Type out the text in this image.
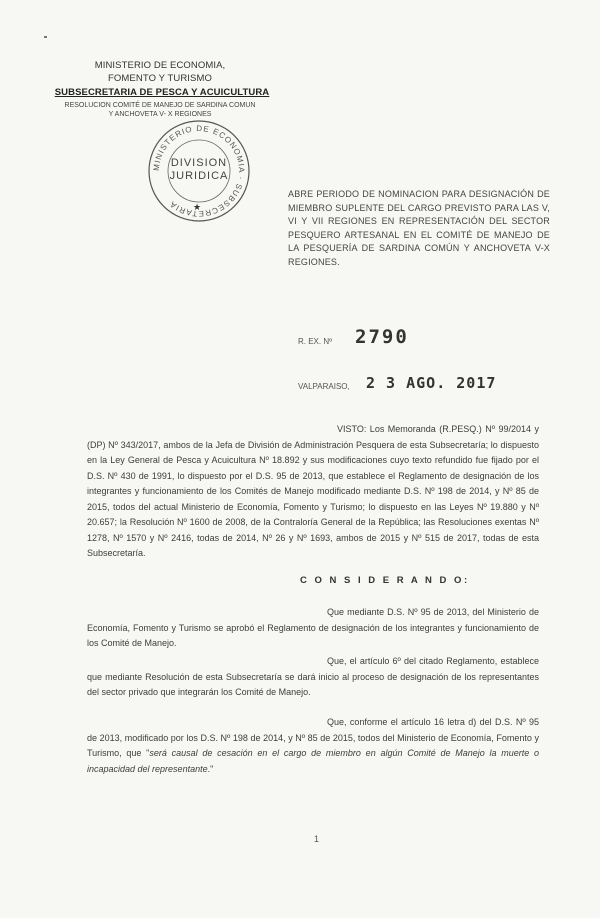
MINISTERIO DE ECONOMIA,
FOMENTO Y TURISMO
SUBSECRETARIA DE PESCA Y ACUICULTURA
RESOLUCION COMITÉ DE MANEJO DE SARDINA COMUN
Y ANCHOVETA V- X REGIONES
MINISTERIO DE ECONOMIA · SUBSECRETARIA
DIVISION
JURIDICA
★
ABRE PERIODO DE NOMINACION PARA DESIGNACIÓN DE MIEMBRO SUPLENTE DEL CARGO PREVISTO PARA LAS V, VI Y VII REGIONES EN REPRESENTACIÓN DEL SECTOR PESQUERO ARTESANAL EN EL COMITÉ DE MANEJO DE LA PESQUERÍA DE SARDINA COMÚN Y ANCHOVETA V-X REGIONES.
R. EX. Nº 2790
VALPARAISO, 2 3 AGO. 2017
VISTO: Los Memoranda (R.PESQ.) Nº 99/2014 y (DP) Nº 343/2017, ambos de la Jefa de División de Administración Pesquera de esta Subsecretaría; lo dispuesto en la Ley General de Pesca y Acuicultura Nº 18.892 y sus modificaciones cuyo texto refundido fue fijado por el D.S. Nº 430 de 1991, lo dispuesto por el D.S. 95 de 2013, que establece el Reglamento de designación de los integrantes y funcionamiento de los Comités de Manejo modificado mediante D.S. Nº 198 de 2014, y Nº 85 de 2015, todos del actual Ministerio de Economía, Fomento y Turismo; lo dispuesto en las Leyes Nº 19.880 y Nº 20.657; la Resolución Nº 1600 de 2008, de la Contraloría General de la República; las Resoluciones exentas Nº 1278, Nº 1570 y Nº 2416, todas de 2014, Nº 26 y Nº 1693, ambos de 2015 y Nº 515 de 2017, todas de esta Subsecretaría.
C O N S I D E R A N D O:
Que mediante D.S. Nº 95 de 2013, del Ministerio de Economía, Fomento y Turismo se aprobó el Reglamento de designación de los integrantes y funcionamiento de los Comité de Manejo.
Que, el artículo 6º del citado Reglamento, establece que mediante Resolución de esta Subsecretaría se dará inicio al proceso de designación de los representantes del sector privado que integrarán los Comité de Manejo.
Que, conforme el artículo 16 letra d) del D.S. Nº 95 de 2013, modificado por los D.S. Nº 198 de 2014, y Nº 85 de 2015, todos del Ministerio de Economía, Fomento y Turismo, que "será causal de cesación en el cargo de miembro en algún Comité de Manejo la muerte o incapacidad del representante."
1
